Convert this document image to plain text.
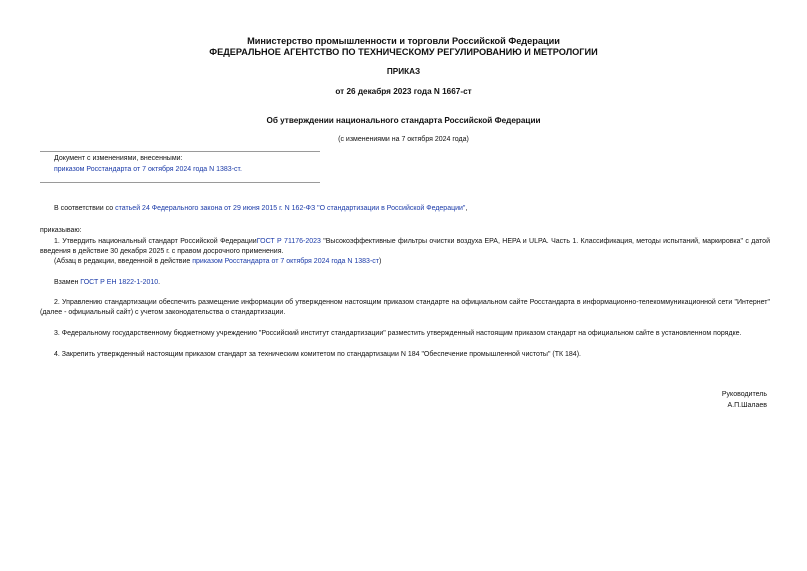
Министерство промышленности и торговли Российской Федерации
ФЕДЕРАЛЬНОЕ АГЕНТСТВО ПО ТЕХНИЧЕСКОМУ РЕГУЛИРОВАНИЮ И МЕТРОЛОГИИ
ПРИКАЗ
от 26 декабря 2023 года N 1667-ст
Об утверждении национального стандарта Российской Федерации
(с изменениями на 7 октября 2024 года)
Документ с изменениями, внесенными:
приказом Росстандарта от 7 октября 2024 года N 1383-ст.
В соответствии со статьей 24 Федерального закона от 29 июня 2015 г. N 162-ФЗ "О стандартизации в Российской Федерации",
приказываю:
1. Утвердить национальный стандарт Российской ФедерацииГОСТ Р 71176-2023 "Высокоэффективные фильтры очистки воздуха EPA, HEPA и ULPA. Часть 1. Классификация, методы испытаний, маркировка" с датой введения в действие 30 декабря 2025 г. с правом досрочного применения.
(Абзац в редакции, введенной в действие приказом Росстандарта от 7 октября 2024 года N 1383-ст)
Взамен ГОСТ Р ЕН 1822-1-2010.
2. Управлению стандартизации обеспечить размещение информации об утвержденном настоящим приказом стандарте на официальном сайте Росстандарта в информационно-телекоммуникационной сети "Интернет" (далее - официальный сайт) с учетом законодательства о стандартизации.
3. Федеральному государственному бюджетному учреждению "Российский институт стандартизации" разместить утвержденный настоящим приказом стандарт на официальном сайте в установленном порядке.
4. Закрепить утвержденный настоящим приказом стандарт за техническим комитетом по стандартизации N 184 "Обеспечение промышленной чистоты" (ТК 184).
Руководитель
А.П.Шалаев
